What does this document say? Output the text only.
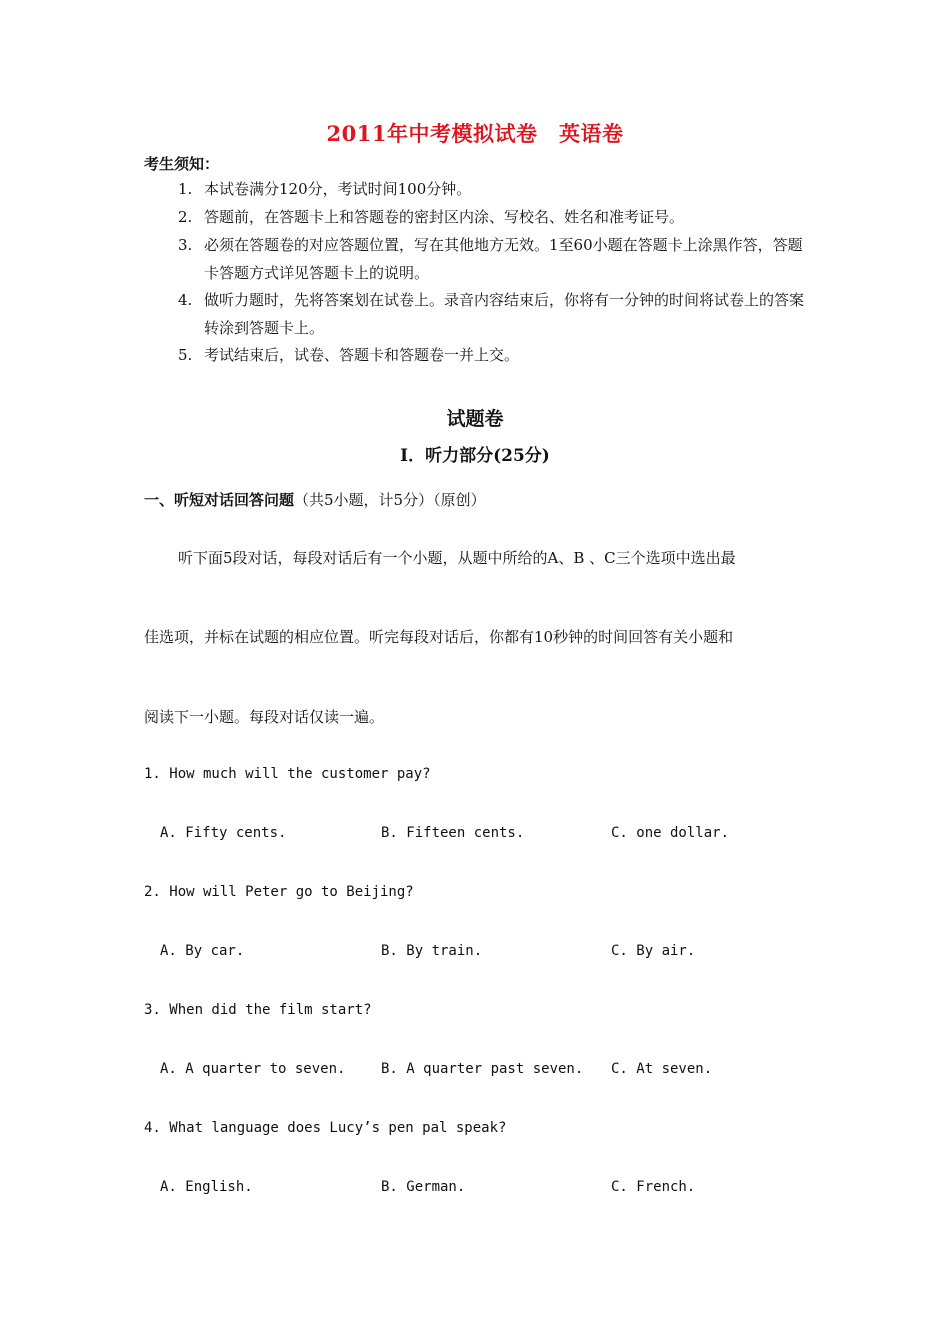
2011年中考模拟试卷　英语卷
考生须知：
1. 本试卷满分120分，考试时间100分钟。
2. 答题前，在答题卡上和答题卷的密封区内涂、写校名、姓名和准考证号。
3. 必须在答题卷的对应答题位置，写在其他地方无效。1至60小题在答题卡上涂黑作答，答题卡答题方式详见答题卡上的说明。
4. 做听力题时，先将答案划在试卷上。录音内容结束后，你将有一分钟的时间将试卷上的答案转涂到答题卡上。
5. 考试结束后，试卷、答题卡和答题卷一并上交。
试题卷
Ⅰ．听力部分(25分)
一、听短对话回答问题（共5小题，计5分）（原创）
听下面5段对话，每段对话后有一个小题，从题中所给的A、B 、C三个选项中选出最
佳选项，并标在试题的相应位置。听完每段对话后，你都有10秒钟的时间回答有关小题和
阅读下一小题。每段对话仅读一遍。
1. How much will the customer pay?
A. Fifty cents.	B. Fifteen cents.	C. one dollar.
2. How will Peter go to Beijing?
A. By car.	B. By train.	C. By air.
3. When did the film start?
A. A quarter to seven.	B. A quarter past seven. C. At seven.
4. What language does Lucy’s pen pal speak?
A. English.	B. German.	C. French.
